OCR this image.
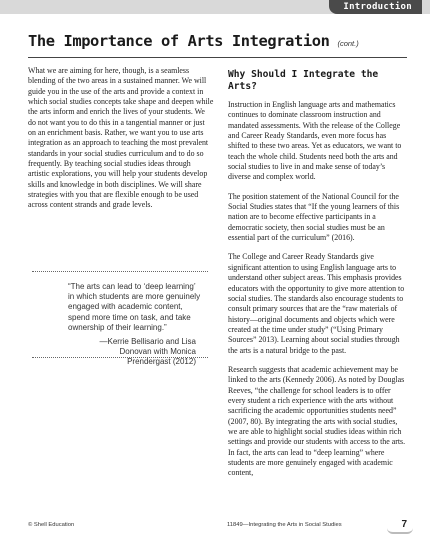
Introduction
The Importance of Arts Integration (cont.)

What we are aiming for here, though, is a seamless blending of the two areas in a sustained manner. We will guide you in the use of the arts and provide a context in which social studies concepts take shape and deepen while the arts inform and enrich the lives of your students. We do not want you to do this in a tangential manner or just on an enrichment basis. Rather, we want you to use arts integration as an approach to teaching the most prevalent standards in your social studies curriculum and to do so frequently. By teaching social studies ideas through artistic explorations, you will help your students develop skills and knowledge in both disciplines. We will share strategies with you that are flexible enough to be used across content strands and grade levels.

“The arts can lead to ‘deep learning’ in which students are more genuinely engaged with academic content, spend more time on task, and take ownership of their learning.”
—Kerrie Bellisario and Lisa
Donovan with Monica
Prendergast (2012)
Why Should I Integrate the Arts?

Instruction in English language arts and mathematics continues to dominate classroom instruction and mandated assessments. With the release of the College and Career Ready Standards, even more focus has shifted to these two areas. Yet as educators, we want to teach the whole child. Students need both the arts and social studies to live in and make sense of today’s diverse and complex world.

The position statement of the National Council for the Social Studies states that “If the young learners of this nation are to become effective participants in a democratic society, then social studies must be an essential part of the curriculum” (2016).

The College and Career Ready Standards give significant attention to using English language arts to understand other subject areas. This emphasis provides educators with the opportunity to give more attention to social studies. The standards also encourage students to consult primary sources that are the “raw materials of history—original documents and objects which were created at the time under study” (“Using Primary Sources” 2013). Learning about social studies through the arts is a natural bridge to the past.

Research suggests that academic achievement may be linked to the arts (Kennedy 2006). As noted by Douglas Reeves, “the challenge for school leaders is to offer every student a rich experience with the arts without sacrificing the academic opportunities students need” (2007, 80). By integrating the arts with social studies, we are able to highlight social studies ideas within rich settings and provide our students with access to the arts. In fact, the arts can lead to “deep learning” where students are more genuinely engaged with academic content,

© Shell Education	11849—Integrating the Arts in Social Studies	7
